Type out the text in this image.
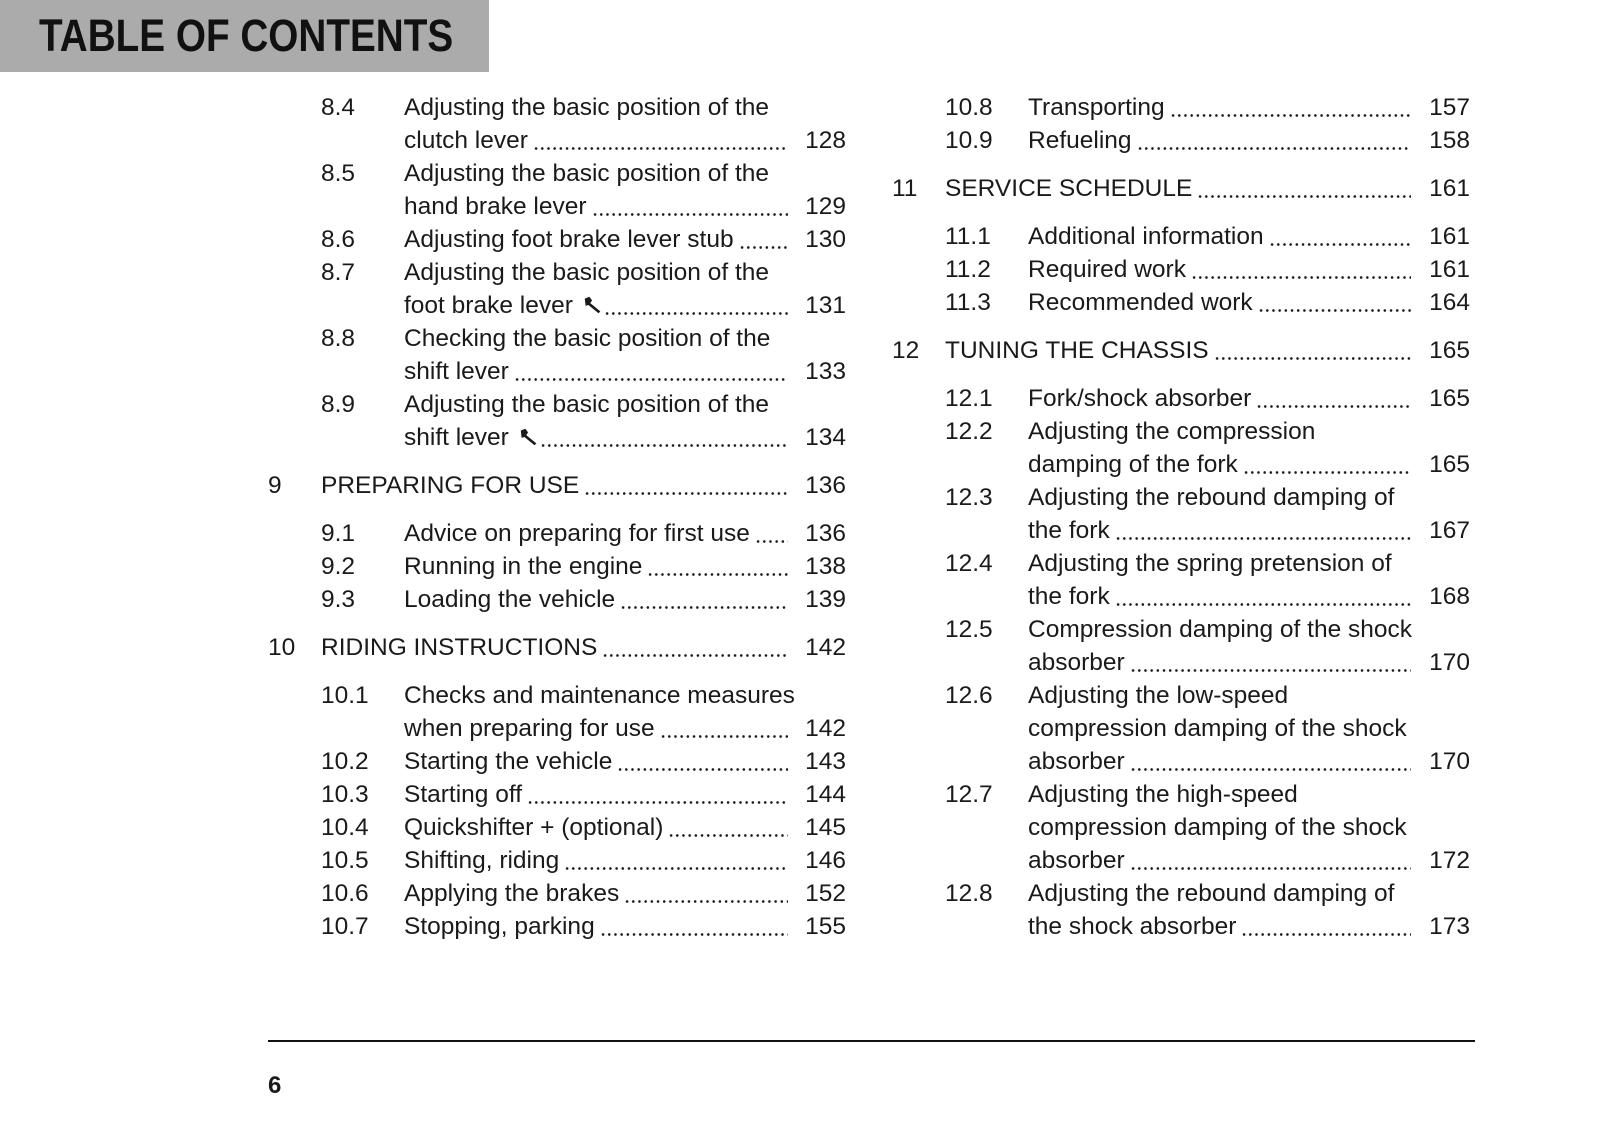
TABLE OF CONTENTS
8.4 Adjusting the basic position of the
clutch lever	128
8.5 Adjusting the basic position of the
hand brake lever	129
8.6 Adjusting foot brake lever stub	130
8.7 Adjusting the basic position of the
foot brake lever	131
8.8 Checking the basic position of the
shift lever	133
8.9 Adjusting the basic position of the
shift lever	134
9 PREPARING FOR USE	136
9.1 Advice on preparing for first use	136
9.2 Running in the engine	138
9.3 Loading the vehicle	139
10 RIDING INSTRUCTIONS	142
10.1 Checks and maintenance measures
when preparing for use	142
10.2 Starting the vehicle	143
10.3 Starting off	144
10.4 Quickshifter + (optional)	145
10.5 Shifting, riding	146
10.6 Applying the brakes	152
10.7 Stopping, parking	155
10.8 Transporting	157
10.9 Refueling	158
11 SERVICE SCHEDULE	161
11.1 Additional information	161
11.2 Required work	161
11.3 Recommended work	164
12 TUNING THE CHASSIS	165
12.1 Fork/shock absorber	165
12.2 Adjusting the compression
damping of the fork	165
12.3 Adjusting the rebound damping of
the fork	167
12.4 Adjusting the spring pretension of
the fork	168
12.5 Compression damping of the shock
absorber	170
12.6 Adjusting the low-speed
compression damping of the shock
absorber	170
12.7 Adjusting the high-speed
compression damping of the shock
absorber	172
12.8 Adjusting the rebound damping of
the shock absorber	173
6
